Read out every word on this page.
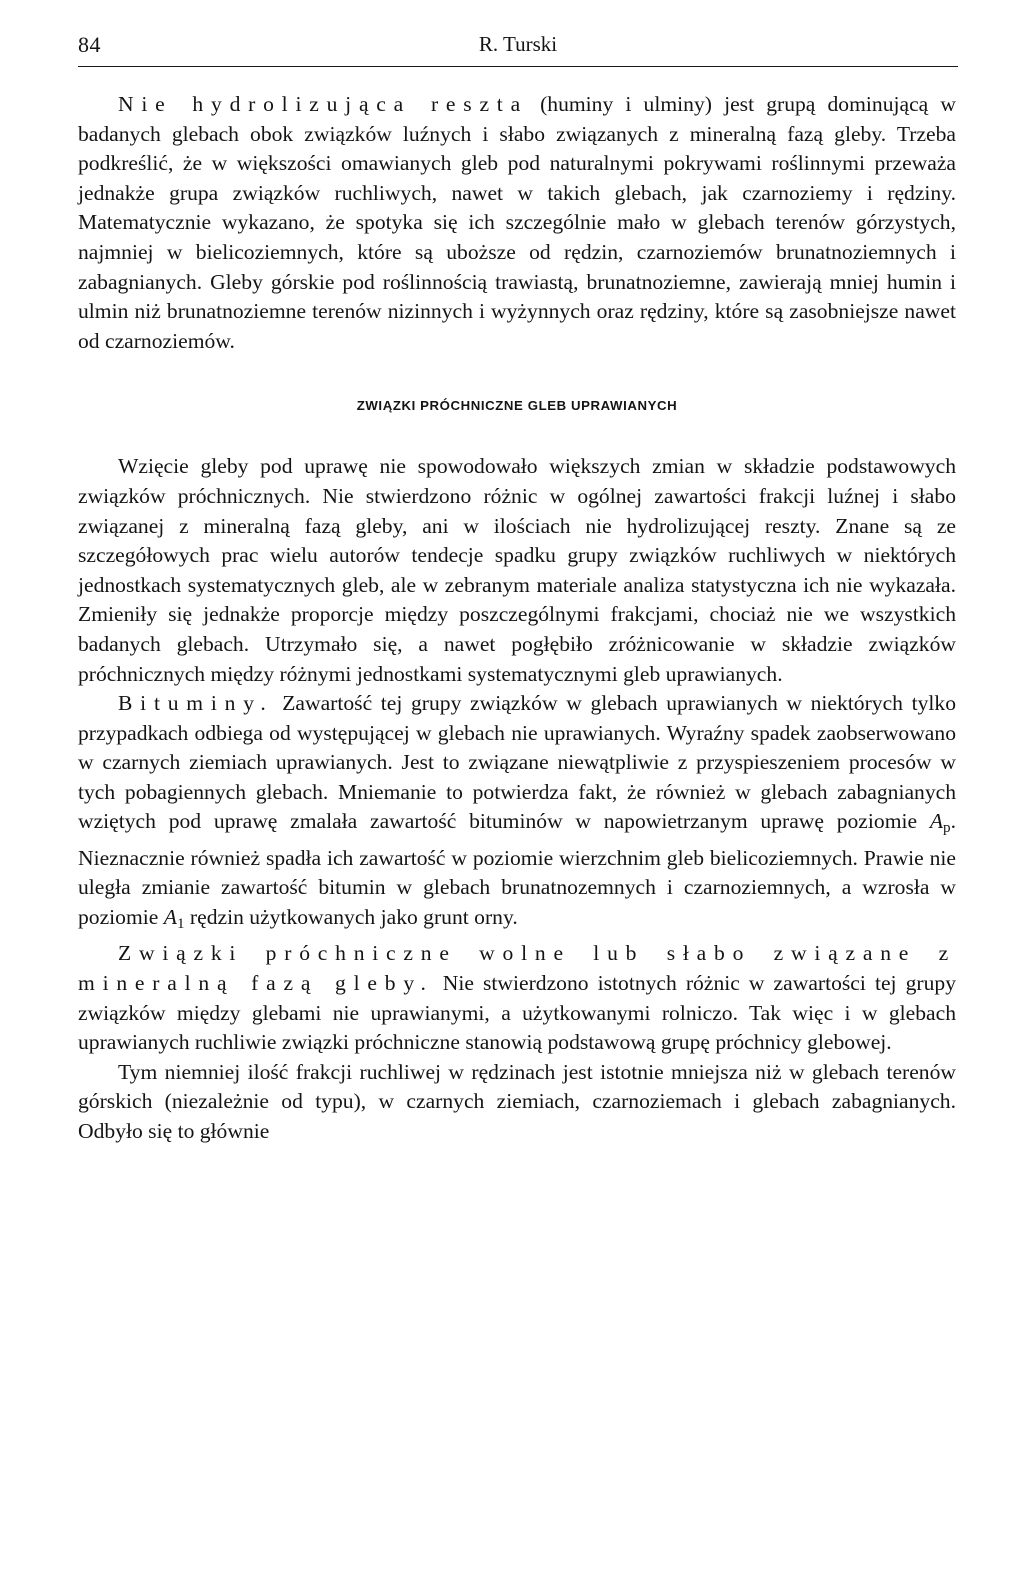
84	R. Turski

Nie hydrolizująca reszta (huminy i ulminy) jest grupą dominującą w badanych glebach obok związków luźnych i słabo związanych z mineralną fazą gleby. Trzeba podkreślić, że w większości omawianych gleb pod naturalnymi pokrywami roślinnymi przeważa jednakże grupa związków ruchliwych, nawet w takich glebach, jak czarnoziemy i rędziny. Matematycznie wykazano, że spotyka się ich szczególnie mało w glebach terenów górzystych, najmniej w bielicoziemnych, które są uboższe od rędzin, czarnoziemów brunatnoziemnych i zabagnianych. Gleby górskie pod roślinnością trawiastą, brunatnoziemne, zawierają mniej humin i ulmin niż brunatnoziemne terenów nizinnych i wyżynnych oraz rędziny, które są zasobniejsze nawet od czarnoziemów.

ZWIĄZKI PRÓCHNICZNE GLEB UPRAWIANYCH

Wzięcie gleby pod uprawę nie spowodowało większych zmian w składzie podstawowych związków próchnicznych. Nie stwierdzono różnic w ogólnej zawartości frakcji luźnej i słabo związanej z mineralną fazą gleby, ani w ilościach nie hydrolizującej reszty. Znane są ze szczegółowych prac wielu autorów tendecje spadku grupy związków ruchliwych w niektórych jednostkach systematycznych gleb, ale w zebranym materiale analiza statystyczna ich nie wykazała. Zmieniły się jednakże proporcje między poszczególnymi frakcjami, chociaż nie we wszystkich badanych glebach. Utrzymało się, a nawet pogłębiło zróżnicowanie w składzie związków próchnicznych między różnymi jednostkami systematycznymi gleb uprawianych.

Bituminy. Zawartość tej grupy związków w glebach uprawianych w niektórych tylko przypadkach odbiega od występującej w glebach nie uprawianych. Wyraźny spadek zaobserwowano w czarnych ziemiach uprawianych. Jest to związane niewątpliwie z przyspieszeniem procesów w tych pobagiennych glebach. Mniemanie to potwierdza fakt, że również w glebach zabagnianych wziętych pod uprawę zmalała zawartość bituminów w napowietrzanym uprawę poziomie $A_p$. Nieznacznie również spadła ich zawartość w poziomie wierzchnim gleb bielicoziemnych. Prawie nie uległa zmianie zawartość bitumin w glebach brunatnozemnych i czarnoziemnych, a wzrosła w poziomie $A_1$ rędzin użytkowanych jako grunt orny.

Związki próchniczne wolne lub słabo związane z mineralną fazą gleby. Nie stwierdzono istotnych różnic w zawartości tej grupy związków między glebami nie uprawianymi, a użytkowanymi rolniczo. Tak więc i w glebach uprawianych ruchliwie związki próchniczne stanowią podstawową grupę próchnicy glebowej.

Tym niemniej ilość frakcji ruchliwej w rędzinach jest istotnie mniejsza niż w glebach terenów górskich (niezależnie od typu), w czarnych ziemiach, czarnoziemach i glebach zabagnianych. Odbyło się to głównie
